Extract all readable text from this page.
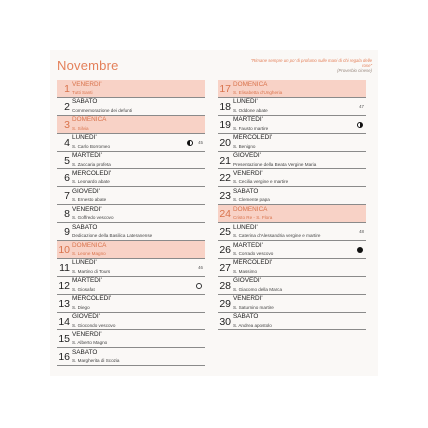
Novembre	"Rimane sempre un po' di profumo sulle mani di chi regala delle rose"
(Proverbio cinese)
1 VENERDI'
Tutti Santi
2 SABATO
Commemorazione dei defunti
3 DOMENICA
S. Silvia
4 LUNEDI'
S. Carlo Borromeo
45
5 MARTEDI'
S. Zaccaria profeta
6 MERCOLEDI'
S. Leonardo abate
7 GIOVEDI'
S. Ernesto abate
8 VENERDI'
S. Goffredo vescovo
9 SABATO
Dedicazione della Basilica Lateranense
10 DOMENICA
S. Leone Magno
11 LUNEDI'
S. Martino di Tours
46
12 MARTEDI'
S. Giosafat
13 MERCOLEDI'
S. Diego
14 GIOVEDI'
S. Giocondo vescovo
15 VENERDI'
S. Alberto Magno
16 SABATO
S. Margherita di Scozia
17 DOMENICA
S. Elisabetta d'Ungheria
18 LUNEDI'
S. Oddone abate
47
19 MARTEDI'
S. Fausto martire
20 MERCOLEDI'
S. Benigno
21 GIOVEDI'
Presentazione della Beata Vergine Maria
22 VENERDI'
S. Cecilia vergine e martire
23 SABATO
S. Clemente papa
24 DOMENICA
Cristo Re - S. Flora
25 LUNEDI'
S. Caterina d'Alessandria vergine e martire
48
26 MARTEDI'
S. Corrado vescovo
27 MERCOLEDI'
S. Massimo
28 GIOVEDI'
S. Giacomo della Marca
29 VENERDI'
S. Saturnino martire
30 SABATO
S. Andrea apostolo
